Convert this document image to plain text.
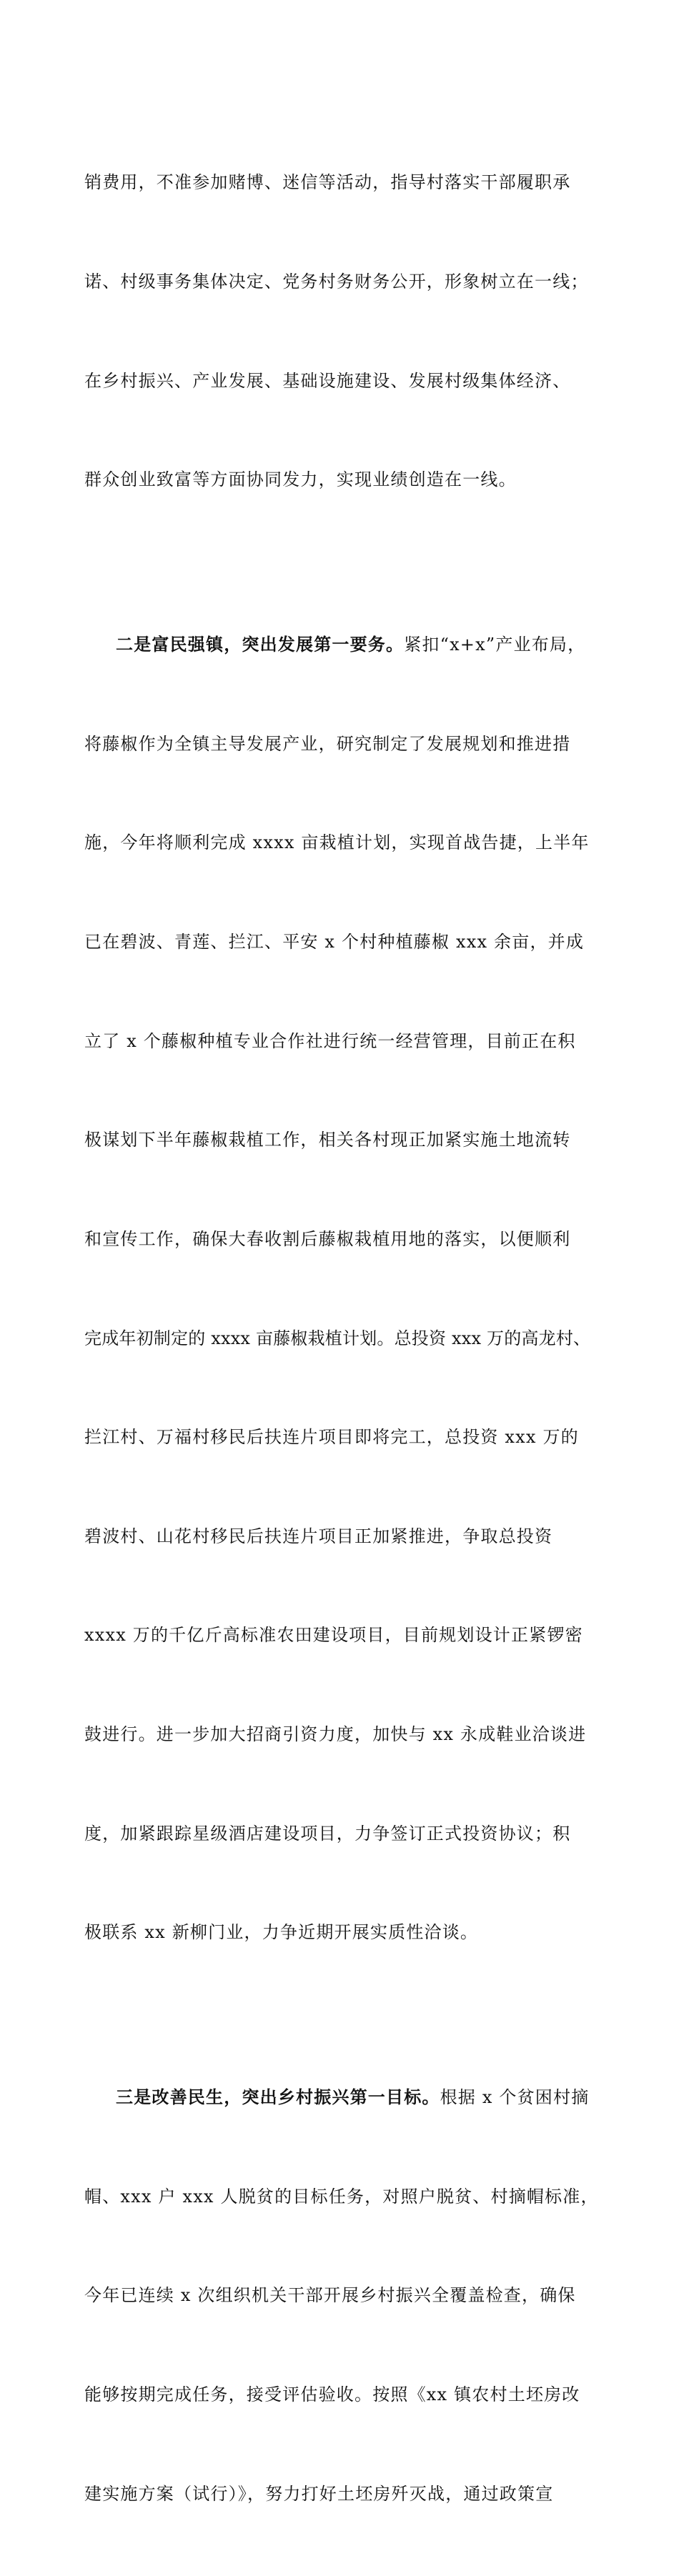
销费用，不准参加赌博、迷信等活动，指导村落实干部履职承

诺、村级事务集体决定、党务村务财务公开，形象树立在一线；

在乡村振兴、产业发展、基础设施建设、发展村级集体经济、

群众创业致富等方面协同发力，实现业绩创造在一线。

二是富民强镇，突出发展第一要务。紧扣“x+x”产业布局，

将藤椒作为全镇主导发展产业，研究制定了发展规划和推进措

施，今年将顺利完成 xxxx 亩栽植计划，实现首战告捷，上半年

已在碧波、青莲、拦江、平安 x 个村种植藤椒 xxx 余亩，并成

立了 x 个藤椒种植专业合作社进行统一经营管理，目前正在积

极谋划下半年藤椒栽植工作，相关各村现正加紧实施土地流转

和宣传工作，确保大春收割后藤椒栽植用地的落实，以便顺利

完成年初制定的 xxxx 亩藤椒栽植计划。总投资 xxx 万的高龙村、

拦江村、万福村移民后扶连片项目即将完工，总投资 xxx 万的

碧波村、山花村移民后扶连片项目正加紧推进，争取总投资

xxxx 万的千亿斤高标准农田建设项目，目前规划设计正紧锣密

鼓进行。进一步加大招商引资力度，加快与 xx 永成鞋业洽谈进

度，加紧跟踪星级酒店建设项目，力争签订正式投资协议；积

极联系 xx 新柳门业，力争近期开展实质性洽谈。

三是改善民生，突出乡村振兴第一目标。根据 x 个贫困村摘

帽、xxx 户 xxx 人脱贫的目标任务，对照户脱贫、村摘帽标准，

今年已连续 x 次组织机关干部开展乡村振兴全覆盖检查，确保

能够按期完成任务，接受评估验收。按照《xx 镇农村土坯房改

建实施方案（试行）》，努力打好土坯房歼灭战，通过政策宣
